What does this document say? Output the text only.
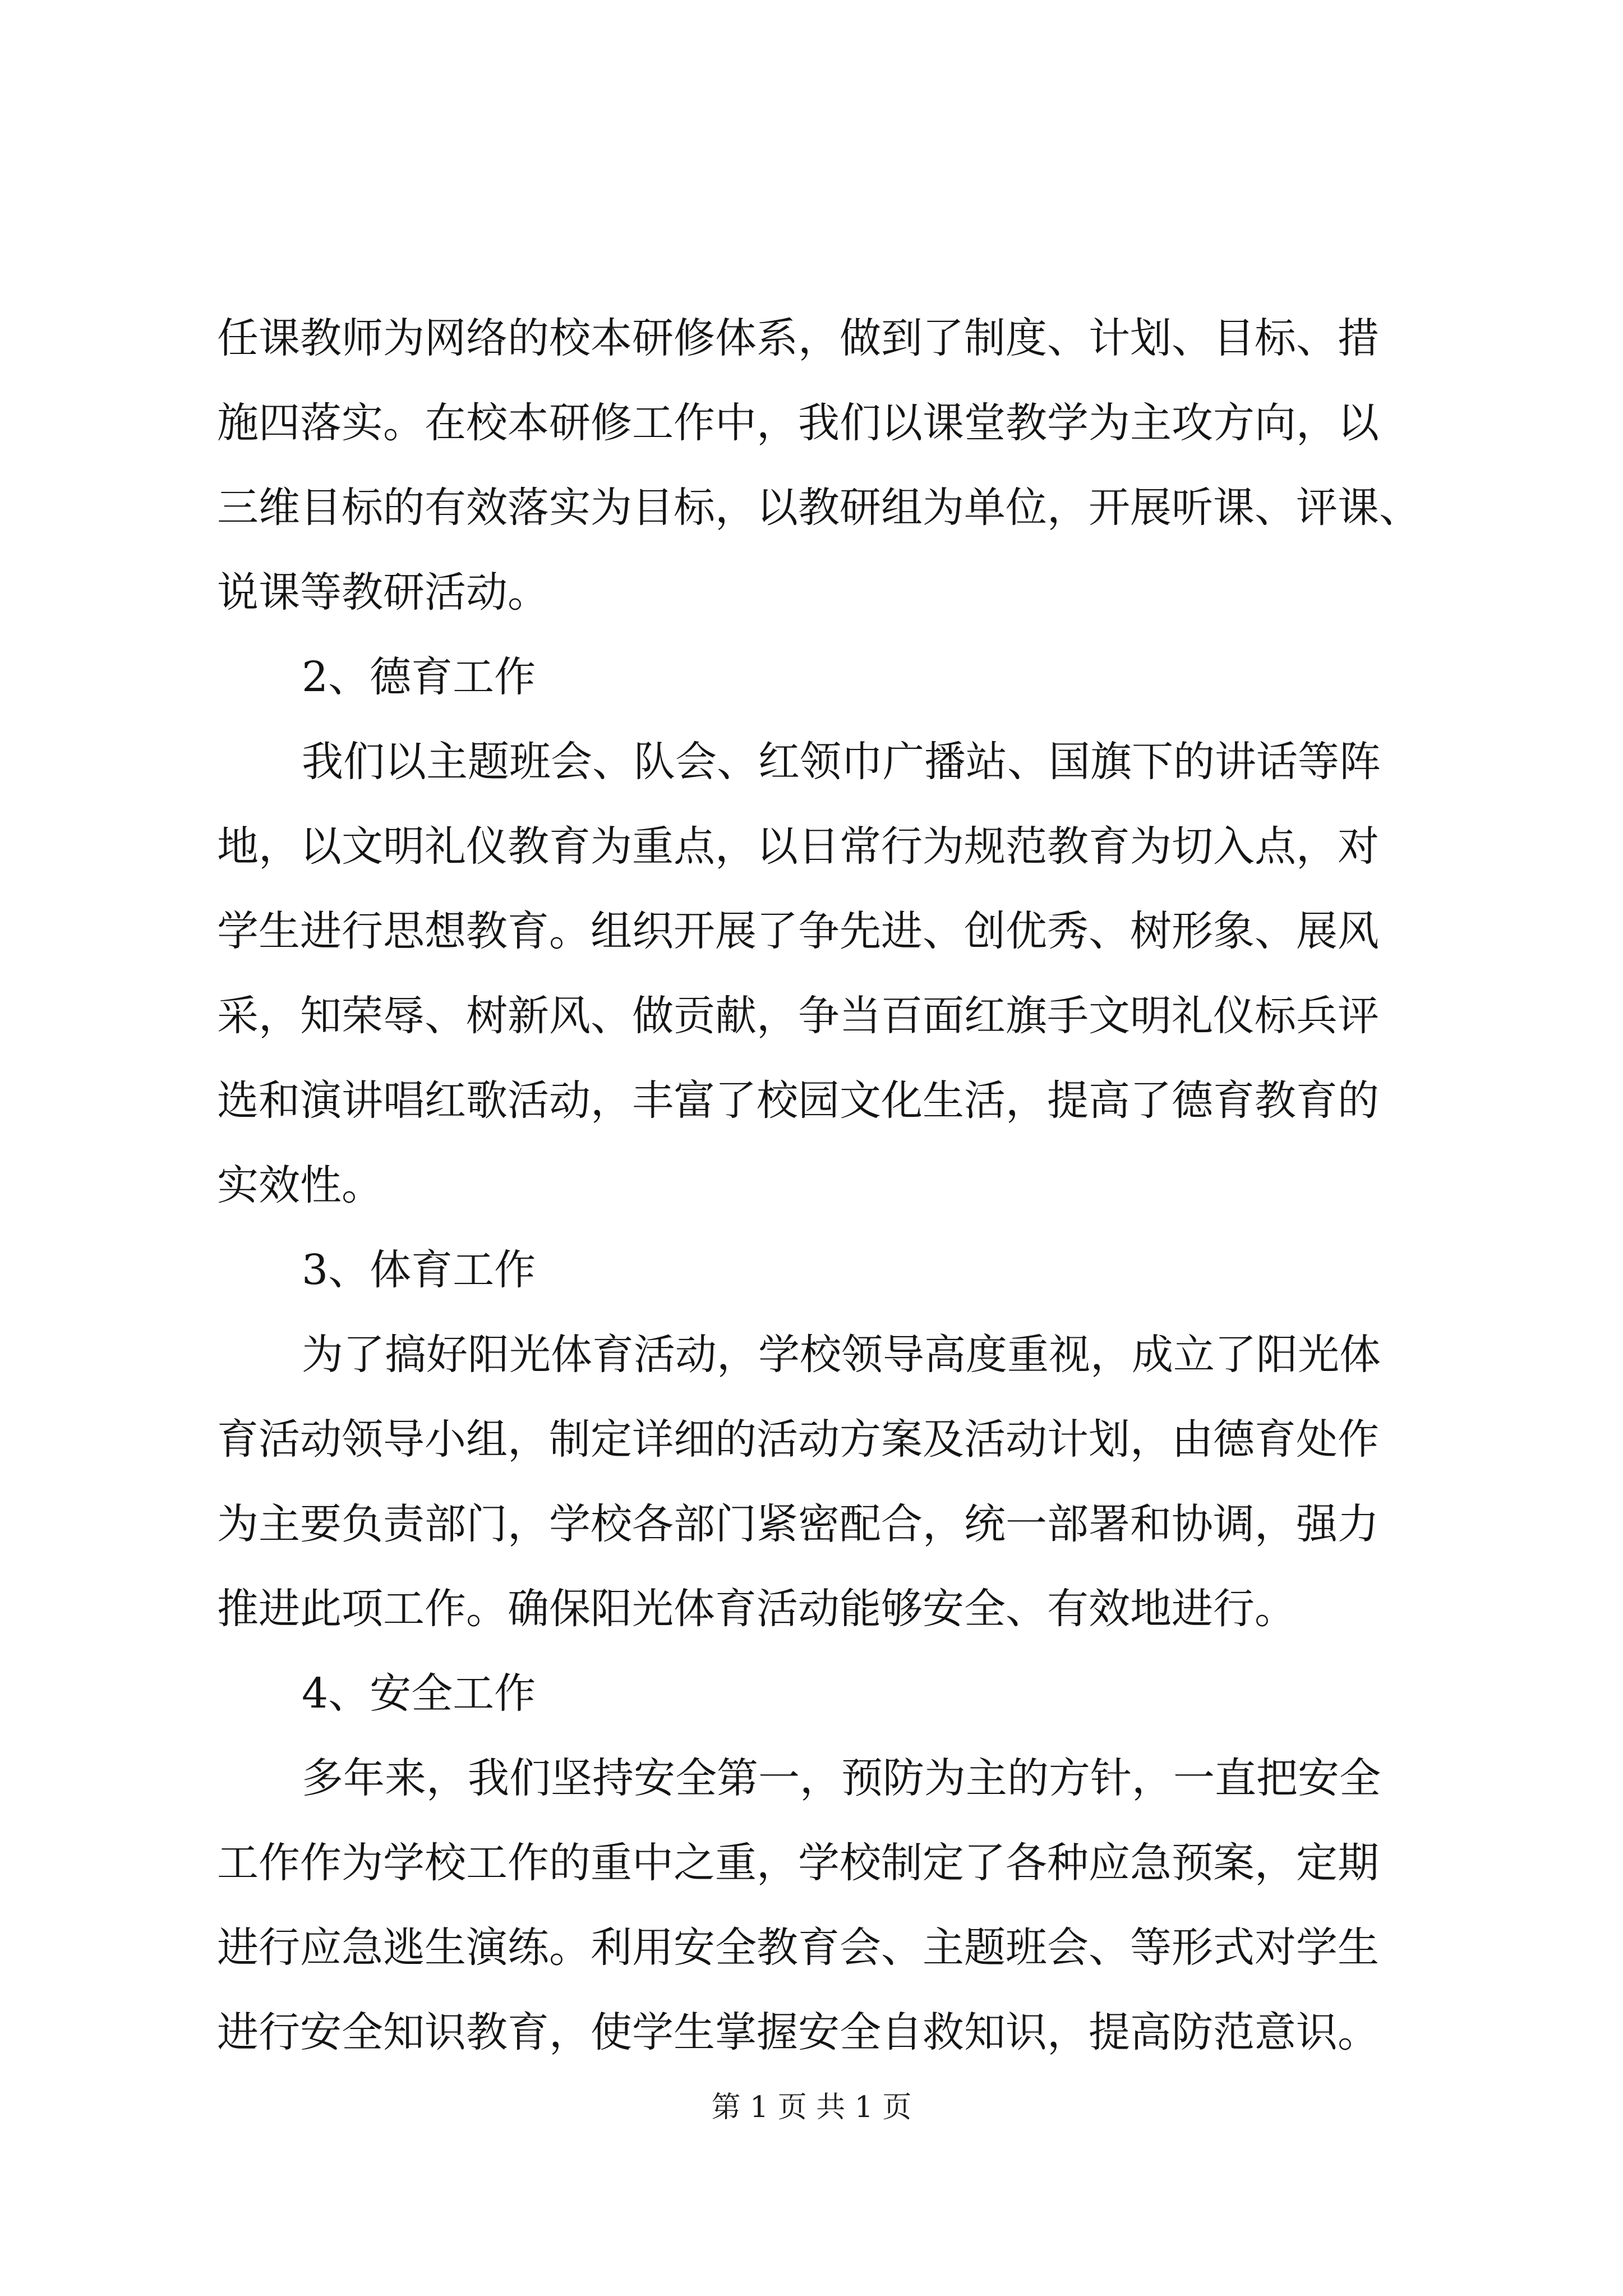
任课教师为网络的校本研修体系，做到了制度、计划、目标、措
施四落实。在校本研修工作中，我们以课堂教学为主攻方向，以
三维目标的有效落实为目标，以教研组为单位，开展听课、评课、
说课等教研活动。
2、德育工作
我们以主题班会、队会、红领巾广播站、国旗下的讲话等阵
地，以文明礼仪教育为重点，以日常行为规范教育为切入点，对
学生进行思想教育。组织开展了争先进、创优秀、树形象、展风
采，知荣辱、树新风、做贡献，争当百面红旗手文明礼仪标兵评
选和演讲唱红歌活动，丰富了校园文化生活，提高了德育教育的
实效性。
3、体育工作
为了搞好阳光体育活动，学校领导高度重视，成立了阳光体
育活动领导小组，制定详细的活动方案及活动计划，由德育处作
为主要负责部门，学校各部门紧密配合，统一部署和协调，强力
推进此项工作。确保阳光体育活动能够安全、有效地进行。
4、安全工作
多年来，我们坚持安全第一，预防为主的方针，一直把安全
工作作为学校工作的重中之重，学校制定了各种应急预案，定期
进行应急逃生演练。利用安全教育会、主题班会、等形式对学生
进行安全知识教育，使学生掌握安全自救知识，提高防范意识。
第 1 页 共 1 页
